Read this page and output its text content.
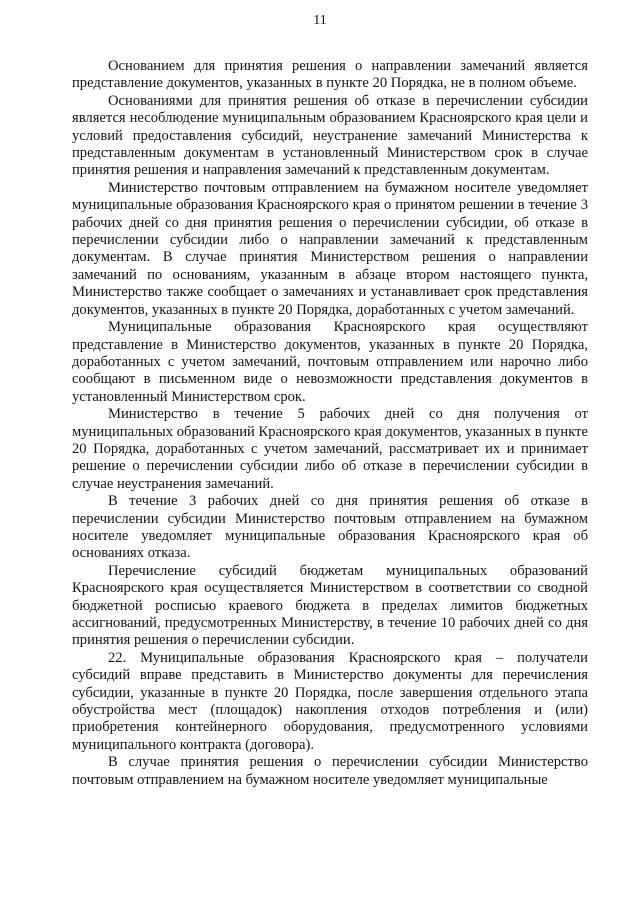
11

Основанием для принятия решения о направлении замечаний является представление документов, указанных в пункте 20 Порядка, не в полном объеме.

Основаниями для принятия решения об отказе в перечислении субсидии является несоблюдение муниципальным образованием Красноярского края цели и условий предоставления субсидий, неустранение замечаний Министерства к представленным документам в установленный Министерством срок в случае принятия решения и направления замечаний к представленным документам.

Министерство почтовым отправлением на бумажном носителе уведомляет муниципальные образования Красноярского края о принятом решении в течение 3 рабочих дней со дня принятия решения о перечислении субсидии, об отказе в перечислении субсидии либо о направлении замечаний к представленным документам. В случае принятия Министерством решения о направлении замечаний по основаниям, указанным в абзаце втором настоящего пункта, Министерство также сообщает о замечаниях и устанавливает срок представления документов, указанных в пункте 20 Порядка, доработанных с учетом замечаний.

Муниципальные образования Красноярского края осуществляют представление в Министерство документов, указанных в пункте 20 Порядка, доработанных с учетом замечаний, почтовым отправлением или нарочно либо сообщают в письменном виде о невозможности представления документов в установленный Министерством срок.

Министерство в течение 5 рабочих дней со дня получения от муниципальных образований Красноярского края документов, указанных в пункте 20 Порядка, доработанных с учетом замечаний, рассматривает их и принимает решение о перечислении субсидии либо об отказе в перечислении субсидии в случае неустранения замечаний.

В течение 3 рабочих дней со дня принятия решения об отказе в перечислении субсидии Министерство почтовым отправлением на бумажном носителе уведомляет муниципальные образования Красноярского края об основаниях отказа.

Перечисление субсидий бюджетам муниципальных образований Красноярского края осуществляется Министерством в соответствии со сводной бюджетной росписью краевого бюджета в пределах лимитов бюджетных ассигнований, предусмотренных Министерству, в течение 10 рабочих дней со дня принятия решения о перечислении субсидии.

22. Муниципальные образования Красноярского края – получатели субсидий вправе представить в Министерство документы для перечисления субсидии, указанные в пункте 20 Порядка, после завершения отдельного этапа обустройства мест (площадок) накопления отходов потребления и (или) приобретения контейнерного оборудования, предусмотренного условиями муниципального контракта (договора).

В случае принятия решения о перечислении субсидии Министерство почтовым отправлением на бумажном носителе уведомляет муниципальные
